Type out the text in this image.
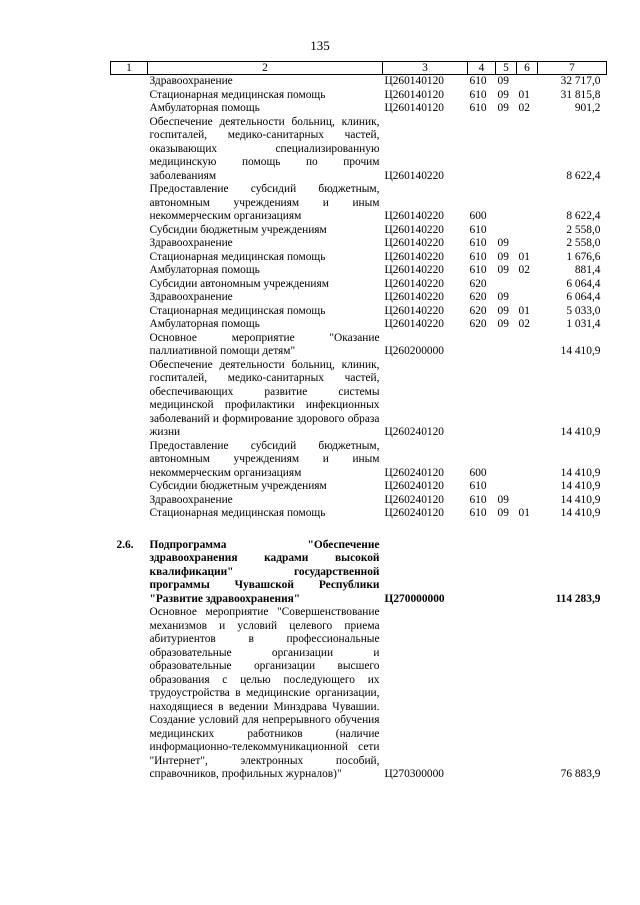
135
1	2	3	4	5	6	7
	Здравоохранение	Ц260140120	610	09		32 717,0
	Стационарная медицинская помощь	Ц260140120	610	09	01	31 815,8
	Амбулаторная помощь	Ц260140120	610	09	02	901,2
	Обеспечение деятельности больниц, клиник, госпиталей, медико-санитарных частей, оказывающих специализированную медицинскую помощь по прочим заболеваниям	Ц260140220				8 622,4
	Предоставление субсидий бюджетным, автономным учреждениям и иным некоммерческим организациям	Ц260140220	600			8 622,4
	Субсидии бюджетным учреждениям	Ц260140220	610			2 558,0
	Здравоохранение	Ц260140220	610	09		2 558,0
	Стационарная медицинская помощь	Ц260140220	610	09	01	1 676,6
	Амбулаторная помощь	Ц260140220	610	09	02	881,4
	Субсидии автономным учреждениям	Ц260140220	620			6 064,4
	Здравоохранение	Ц260140220	620	09		6 064,4
	Стационарная медицинская помощь	Ц260140220	620	09	01	5 033,0
	Амбулаторная помощь	Ц260140220	620	09	02	1 031,4
	Основное мероприятие "Оказание паллиативной помощи детям"	Ц260200000				14 410,9
	Обеспечение деятельности больниц, клиник, госпиталей, медико-санитарных частей, обеспечивающих развитие системы медицинской профилактики инфекционных заболеваний и формирование здорового образа жизни	Ц260240120				14 410,9
	Предоставление субсидий бюджетным, автономным учреждениям и иным некоммерческим организациям	Ц260240120	600			14 410,9
	Субсидии бюджетным учреждениям	Ц260240120	610			14 410,9
	Здравоохранение	Ц260240120	610	09		14 410,9
	Стационарная медицинская помощь	Ц260240120	610	09	01	14 410,9

2.6.	Подпрограмма "Обеспечение здравоохранения кадрами высокой квалификации" государственной программы Чувашской Республики "Развитие здравоохранения"	Ц270000000				114 283,9
	Основное мероприятие "Совершенствование механизмов и условий целевого приема абитуриентов в профессиональные образовательные организации и образовательные организации высшего образования с целью последующего их трудоустройства в медицинские организации, находящиеся в ведении Минздрава Чувашии. Создание условий для непрерывного обучения медицинских работников (наличие информационно-телекоммуникационной сети "Интернет", электронных пособий, справочников, профильных журналов)"	Ц270300000				76 883,9
